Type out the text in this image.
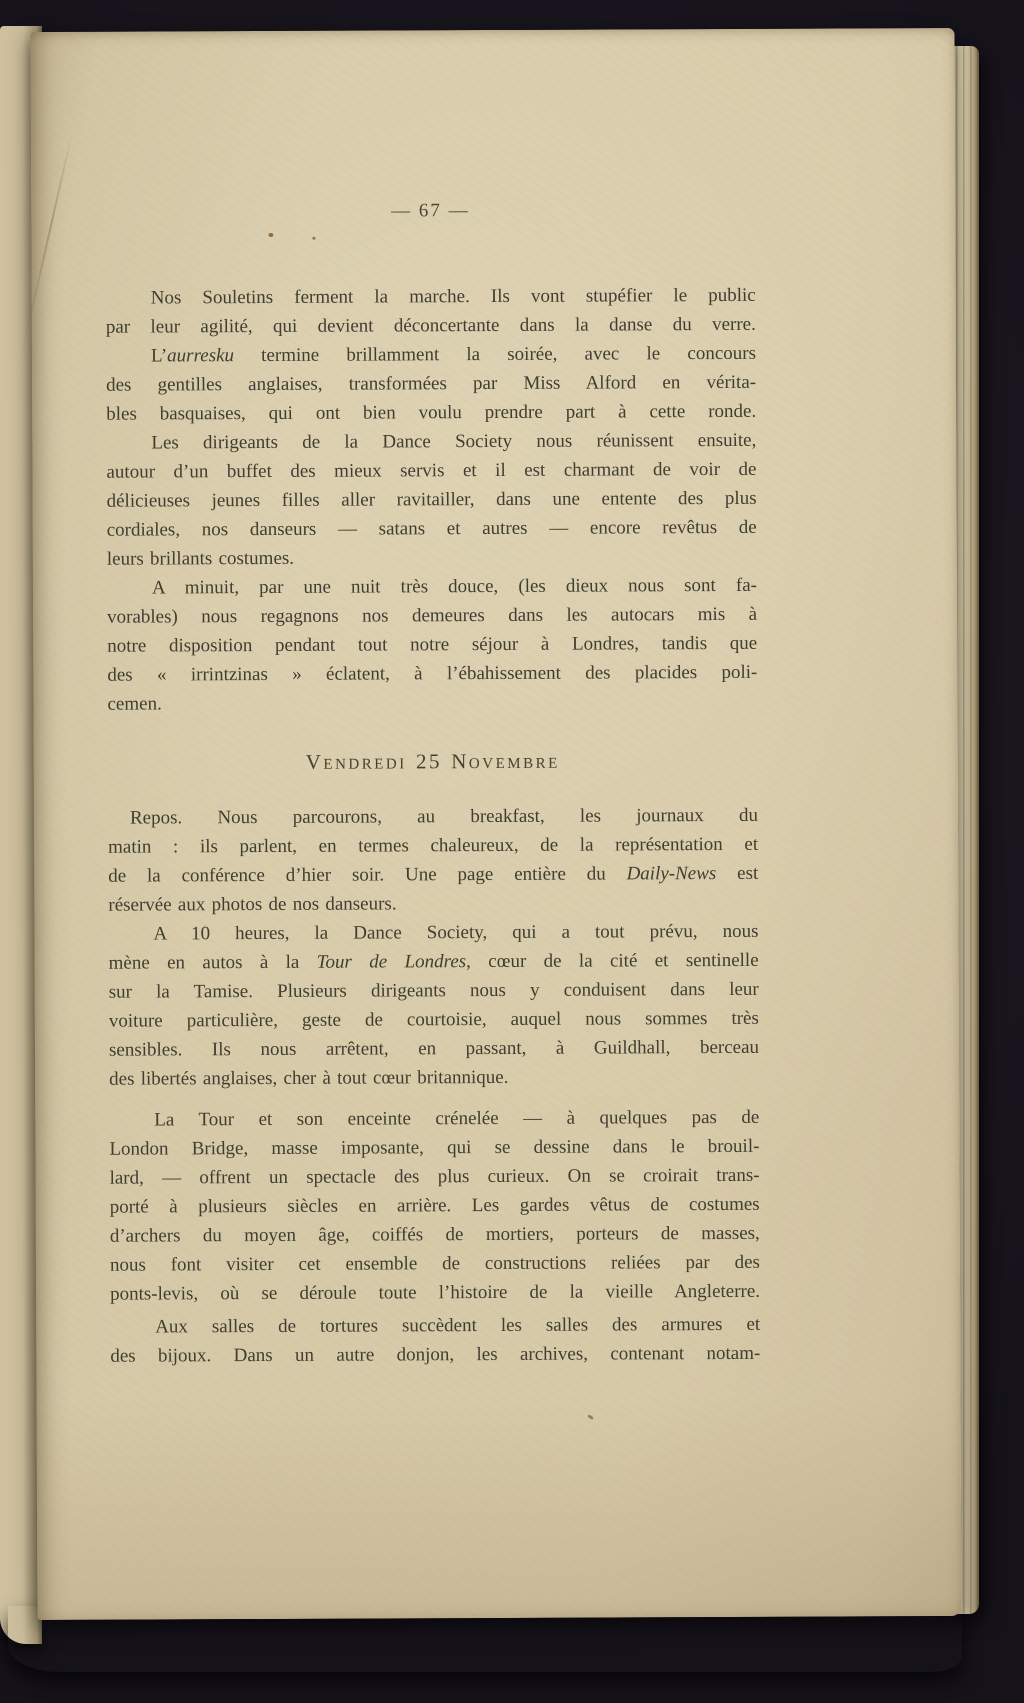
— 67 —
Nos Souletins ferment la marche. Ils vont stupéfier le public
par leur agilité, qui devient déconcertante dans la danse du verre.
L’aurresku termine brillamment la soirée, avec le concours
des gentilles anglaises, transformées par Miss Alford en vérita-
bles basquaises, qui ont bien voulu prendre part à cette ronde.
Les dirigeants de la Dance Society nous réunissent ensuite,
autour d’un buffet des mieux servis et il est charmant de voir de
délicieuses jeunes filles aller ravitailler, dans une entente des plus
cordiales, nos danseurs — satans et autres — encore revêtus de
leurs brillants costumes.
A minuit, par une nuit très douce, (les dieux nous sont fa-
vorables) nous regagnons nos demeures dans les autocars mis à
notre disposition pendant tout notre séjour à Londres, tandis que
des « irrintzinas » éclatent, à l’ébahissement des placides poli-
cemen.
Vendredi 25 Novembre
Repos. Nous parcourons, au breakfast, les journaux du
matin : ils parlent, en termes chaleureux, de la représentation et
de la conférence d’hier soir. Une page entière du Daily-News est
réservée aux photos de nos danseurs.
A 10 heures, la Dance Society, qui a tout prévu, nous
mène en autos à la Tour de Londres, cœur de la cité et sentinelle
sur la Tamise. Plusieurs dirigeants nous y conduisent dans leur
voiture particulière, geste de courtoisie, auquel nous sommes très
sensibles. Ils nous arrêtent, en passant, à Guildhall, berceau
des libertés anglaises, cher à tout cœur britannique.
La Tour et son enceinte crénelée — à quelques pas de
London Bridge, masse imposante, qui se dessine dans le brouil-
lard, — offrent un spectacle des plus curieux. On se croirait trans-
porté à plusieurs siècles en arrière. Les gardes vêtus de costumes
d’archers du moyen âge, coiffés de mortiers, porteurs de masses,
nous font visiter cet ensemble de constructions reliées par des
ponts-levis, où se déroule toute l’histoire de la vieille Angleterre.
Aux salles de tortures succèdent les salles des armures et
des bijoux. Dans un autre donjon, les archives, contenant notam-
